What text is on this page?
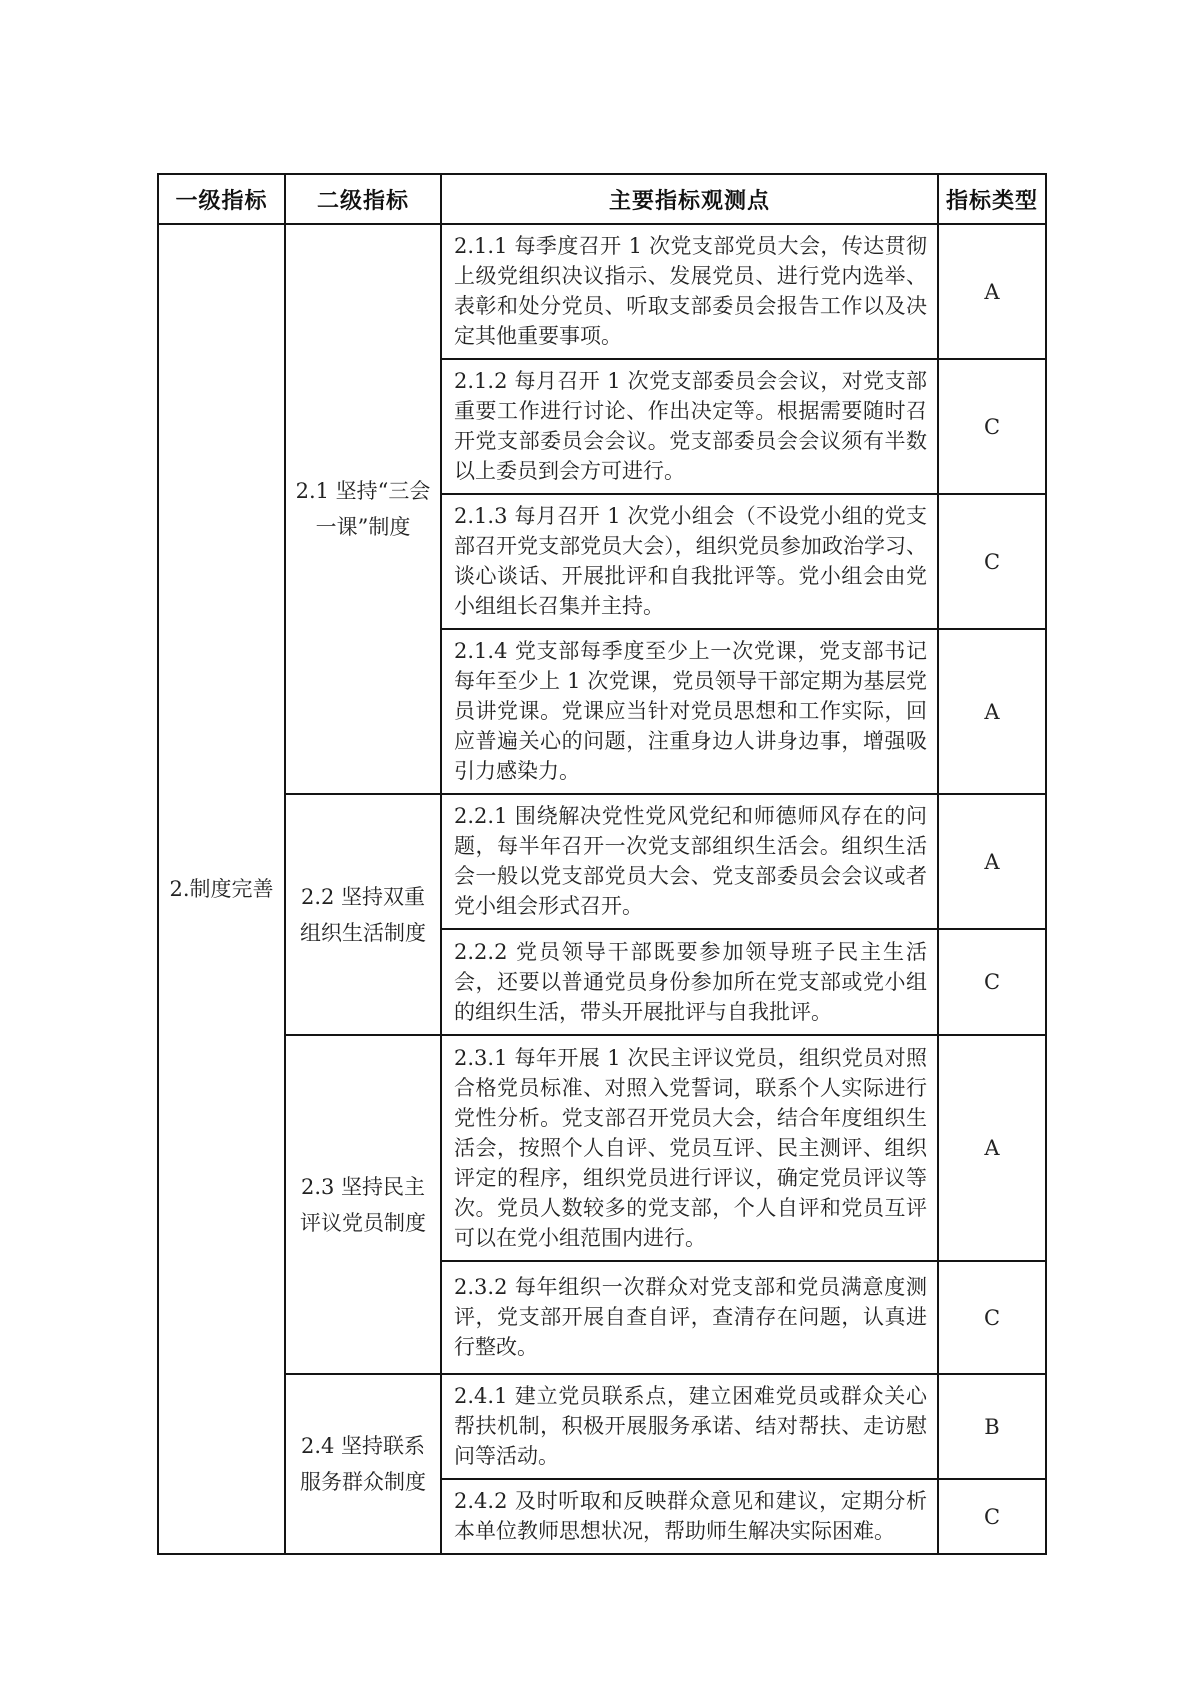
一级指标	二级指标	主要指标观测点	指标类型
2.制度完善	2.1 坚持“三会一课”制度	2.1.1 每季度召开 1 次党支部党员大会，传达贯彻上级党组织决议指示、发展党员、进行党内选举、表彰和处分党员、听取支部委员会报告工作以及决定其他重要事项。	A
		2.1.2 每月召开 1 次党支部委员会会议，对党支部重要工作进行讨论、作出决定等。根据需要随时召开党支部委员会会议。党支部委员会会议须有半数以上委员到会方可进行。	C
		2.1.3 每月召开 1 次党小组会（不设党小组的党支部召开党支部党员大会），组织党员参加政治学习、谈心谈话、开展批评和自我批评等。党小组会由党小组组长召集并主持。	C
		2.1.4 党支部每季度至少上一次党课，党支部书记每年至少上 1 次党课，党员领导干部定期为基层党员讲党课。党课应当针对党员思想和工作实际，回应普遍关心的问题，注重身边人讲身边事，增强吸引力感染力。	A
	2.2 坚持双重组织生活制度	2.2.1 围绕解决党性党风党纪和师德师风存在的问题，每半年召开一次党支部组织生活会。组织生活会一般以党支部党员大会、党支部委员会会议或者党小组会形式召开。	A
		2.2.2 党员领导干部既要参加领导班子民主生活会，还要以普通党员身份参加所在党支部或党小组的组织生活，带头开展批评与自我批评。	C
	2.3 坚持民主评议党员制度	2.3.1 每年开展 1 次民主评议党员，组织党员对照合格党员标准、对照入党誓词，联系个人实际进行党性分析。党支部召开党员大会，结合年度组织生活会，按照个人自评、党员互评、民主测评、组织评定的程序，组织党员进行评议，确定党员评议等次。党员人数较多的党支部，个人自评和党员互评可以在党小组范围内进行。	A
		2.3.2 每年组织一次群众对党支部和党员满意度测评，党支部开展自查自评，查清存在问题，认真进行整改。	C
	2.4 坚持联系服务群众制度	2.4.1 建立党员联系点，建立困难党员或群众关心帮扶机制，积极开展服务承诺、结对帮扶、走访慰问等活动。	B
		2.4.2 及时听取和反映群众意见和建议，定期分析本单位教师思想状况，帮助师生解决实际困难。	C
